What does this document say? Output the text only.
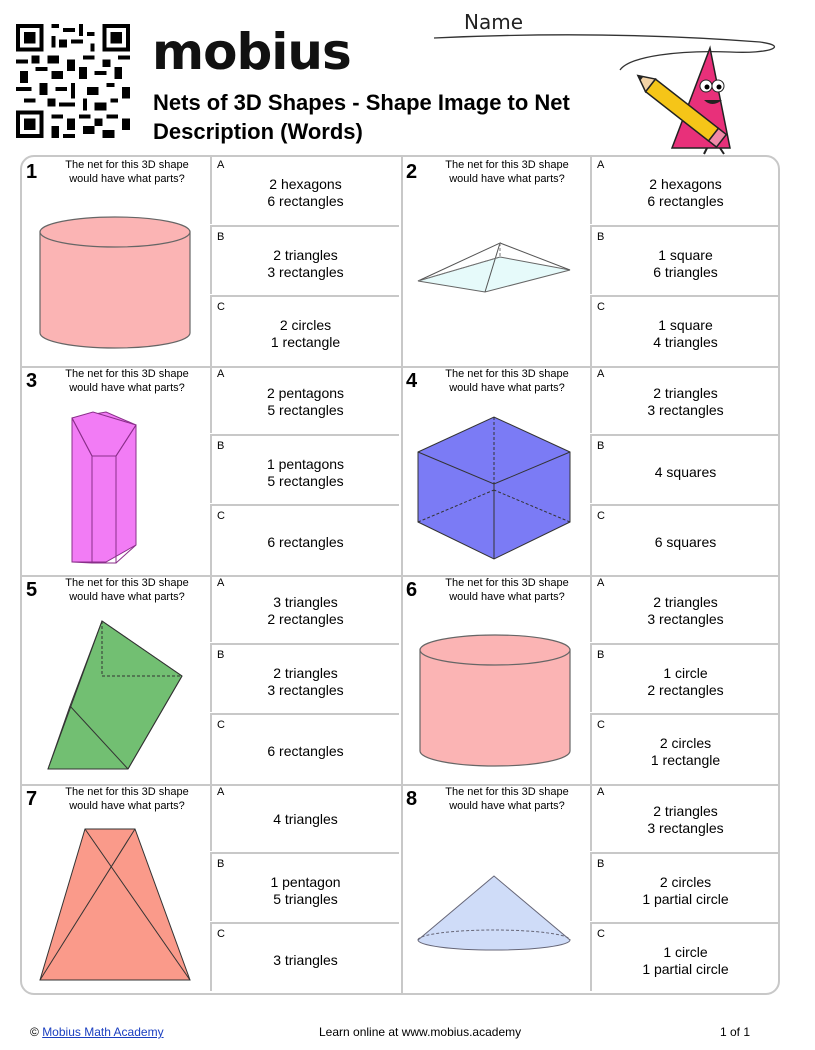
mobius
Nets of 3D Shapes - Shape Image to Net Description (Words)
Name
1	The net for this 3D shape would have what parts?
A
2 hexagons
6 rectangles
B
2 triangles
3 rectangles
C
2 circles
1 rectangle
2	The net for this 3D shape would have what parts?
A
2 hexagons
6 rectangles
B
1 square
6 triangles
C
1 square
4 triangles
3	The net for this 3D shape would have what parts?
A
2 pentagons
5 rectangles
B
1 pentagons
5 rectangles
C
6 rectangles
4	The net for this 3D shape would have what parts?
A
2 triangles
3 rectangles
B
4 squares
C
6 squares
5	The net for this 3D shape would have what parts?
A
3 triangles
2 rectangles
B
2 triangles
3 rectangles
C
6 rectangles
6	The net for this 3D shape would have what parts?
A
2 triangles
3 rectangles
B
1 circle
2 rectangles
C
2 circles
1 rectangle
7	The net for this 3D shape would have what parts?
A
4 triangles
B
1 pentagon
5 triangles
C
3 triangles
8	The net for this 3D shape would have what parts?
A
2 triangles
3 rectangles
B
2 circles
1 partial circle
C
1 circle
1 partial circle
© Mobius Math Academy	Learn online at www.mobius.academy	1 of 1
